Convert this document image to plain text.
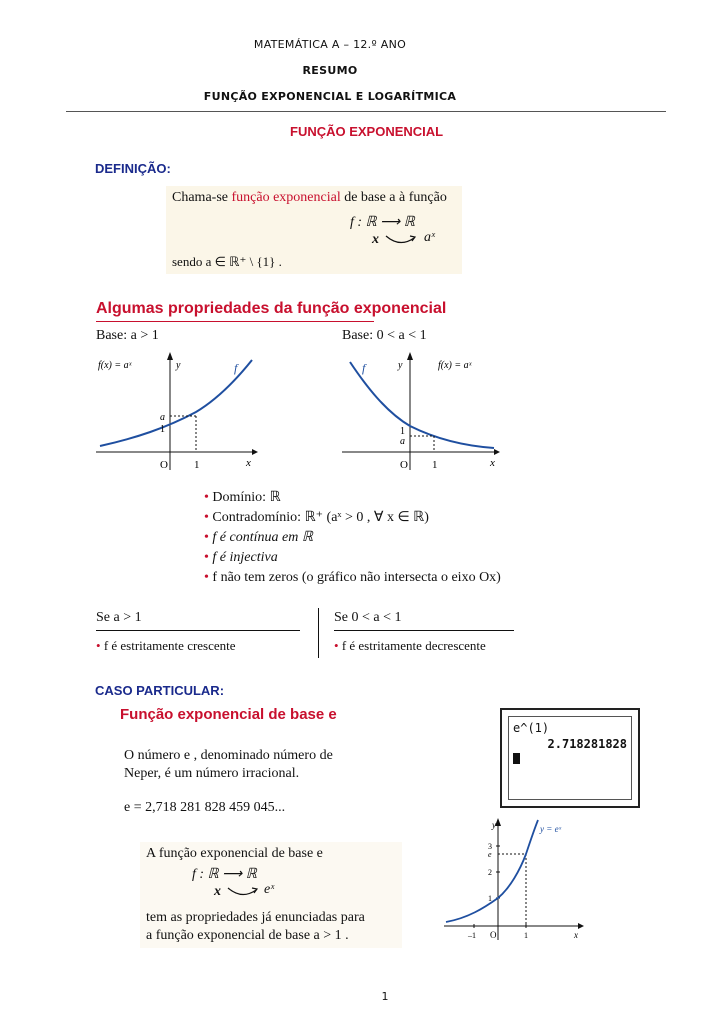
MATEMÁTICA A – 12.º ANO
RESUMO
FUNÇÃO EXPONENCIAL E LOGARÍTMICA
FUNÇÃO EXPONENCIAL
DEFINIÇÃO:
Chama-se função exponencial de base a à função
f : ℝ ⟶ ℝ
x	aˣ
sendo a ∈ ℝ⁺ \ {1} .
Algumas propriedades da função exponencial
Base: a > 1	Base: 0 < a < 1
f(x) = aˣ	y	f
a
1
O 1	x
f	y	f(x) = aˣ
1
a
O 1	x
• Domínio: ℝ
• Contradomínio: ℝ⁺ (aˣ > 0 , ∀ x ∈ ℝ)
• f é contínua em ℝ
• f é injectiva
• f não tem zeros (o gráfico não intersecta o eixo Ox)
Se a > 1
• f é estritamente crescente
Se 0 < a < 1
• f é estritamente decrescente
CASO PARTICULAR:
Função exponencial de base e
O número e , denominado número de
Neper, é um número irracional.
e = 2,718 281 828 459 045...
e^(1)
2.718281828
A função exponencial de base e
f : ℝ ⟶ ℝ
x	eˣ
tem as propriedades já enunciadas para
a função exponencial de base a > 1 .
y	y = eˣ
3
e
2
1
–1 O	1	x
1
